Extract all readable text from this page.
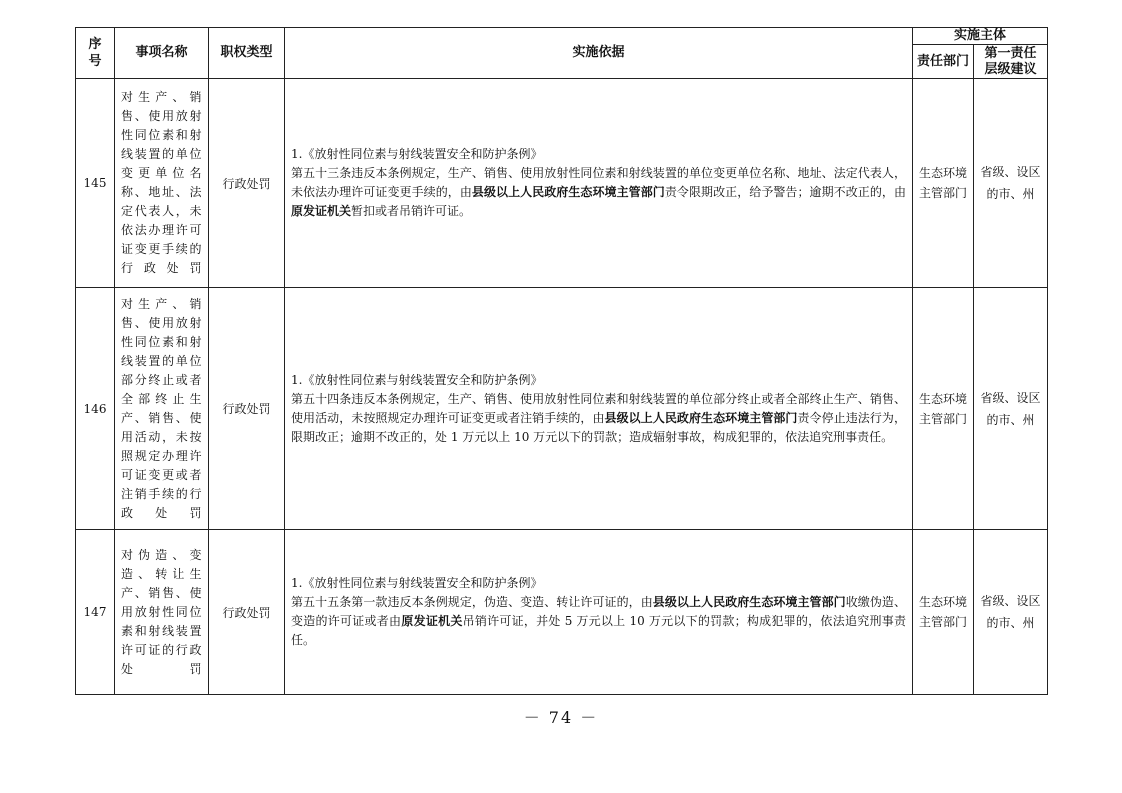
序
号	事项名称	职权类型	实施依据	实施主体	
				责任部门	第一责任
层级建议
145	对生产、销售、使用放射性同位素和射线装置的单位变更单位名称、地址、法定代表人，未依法办理许可证变更手续的行政处罚	行政处罚	1.《放射性同位素与射线装置安全和防护条例》

第五十三条违反本条例规定，生产、销售、使用放射性同位素和射线装置的单位变更单位名称、地址、法定代表人，未依法办理许可证变更手续的，由县级以上人民政府生态环境主管部门责令限期改正，给予警告；逾期不改正的，由原发证机关暂扣或者吊销许可证。	生态环境主管部门	省级、设区的市、州
146	对生产、销售、使用放射性同位素和射线装置的单位部分终止或者全部终止生产、销售、使用活动，未按照规定办理许可证变更或者注销手续的行政处罚	行政处罚	1.《放射性同位素与射线装置安全和防护条例》

第五十四条违反本条例规定，生产、销售、使用放射性同位素和射线装置的单位部分终止或者全部终止生产、销售、使用活动，未按照规定办理许可证变更或者注销手续的，由县级以上人民政府生态环境主管部门责令停止违法行为，限期改正；逾期不改正的，处 1 万元以上 10 万元以下的罚款；造成辐射事故，构成犯罪的，依法追究刑事责任。	生态环境主管部门	省级、设区的市、州
147	对伪造、变造、转让生产、销售、使用放射性同位素和射线装置许可证的行政处罚	行政处罚	1.《放射性同位素与射线装置安全和防护条例》

第五十五条第一款违反本条例规定，伪造、变造、转让许可证的，由县级以上人民政府生态环境主管部门收缴伪造、变造的许可证或者由原发证机关吊销许可证，并处 5 万元以上 10 万元以下的罚款；构成犯罪的，依法追究刑事责任。	生态环境主管部门	省级、设区的市、州
－ 74 －
